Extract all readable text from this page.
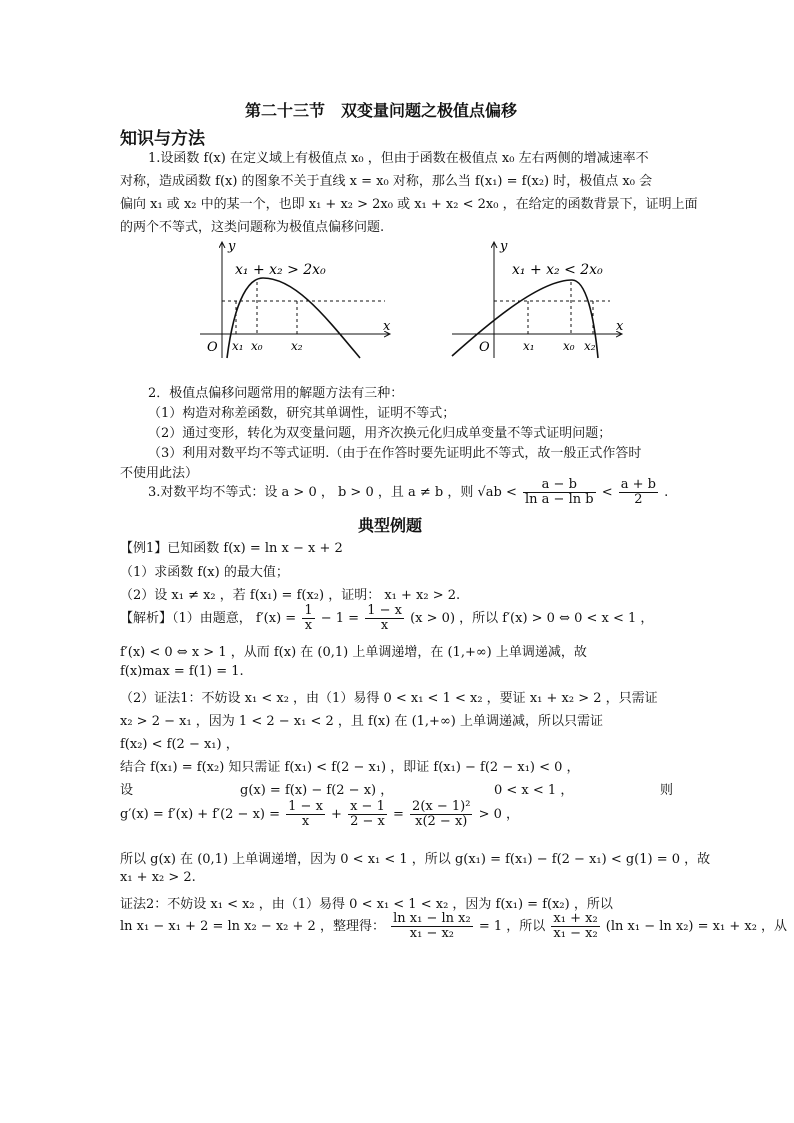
第二十三节　双变量问题之极值点偏移
知识与方法
1.设函数 f(x) 在定义域上有极值点 x₀ ，但由于函数在极值点 x₀ 左右两侧的增减速率不
对称，造成函数 f(x) 的图象不关于直线 x = x₀ 对称，那么当 f(x₁) = f(x₂) 时，极值点 x₀ 会
偏向 x₁ 或 x₂ 中的某一个，也即 x₁ + x₂ > 2x₀ 或 x₁ + x₂ < 2x₀ ，在给定的函数背景下，证明上面
的两个不等式，这类问题称为极值点偏移问题.
y
x
O
x₁ + x₂ > 2x₀
x₁ x₀ x₂
y
x
O
x₁ + x₂ < 2x₀
x₁ x₀ x₂
2．极值点偏移问题常用的解题方法有三种：
（1）构造对称差函数，研究其单调性，证明不等式；
（2）通过变形，转化为双变量问题，用齐次换元化归成单变量不等式证明问题；
（3）利用对数平均不等式证明.（由于在作答时要先证明此不等式，故一般正式作答时
不使用此法）
3.对数平均不等式：设 a > 0 ， b > 0 ，且 a ≠ b ，则 $√ab < \frac{a - b}{\text{ln a − ln b}} < \frac{a + b}{2}$ .
典型例题
【例1】已知函数 f(x) = ln x − x + 2
（1）求函数 f(x) 的最大值；
（2）设 x₁ ≠ x₂ ，若 f(x₁) = f(x₂) ，证明： x₁ + x₂ > 2.
【解析】（1）由题意， $f'(x) = \frac{1}{x} - 1 = \frac{1 - x}{x} (x > 0)$ ，所以 f′(x) > 0 ⇔ 0 < x < 1 ，
f′(x) < 0 ⇔ x > 1 ，从而 f(x) 在 (0,1) 上单调递增，在 (1,+∞) 上单调递减，故
f(x)max = f(1) = 1.
（2）证法1：不妨设 x₁ < x₂ ，由（1）易得 0 < x₁ < 1 < x₂ ，要证 x₁ + x₂ > 2 ，只需证
x₂ > 2 − x₁ ，因为 1 < 2 − x₁ < 2 ，且 f(x) 在 (1,+∞) 上单调递减，所以只需证
f(x₂) < f(2 − x₁) ，
结合 f(x₁) = f(x₂) 知只需证 f(x₁) < f(2 − x₁) ，即证 f(x₁) − f(2 − x₁) < 0 ，
设	g(x) = f(x) − f(2 − x) ，	0 < x < 1 ，	则
$g'(x) = f'(x) + f'(2 - x) = \frac{1 - x}{x} + \frac{x - 1}{2 - x} = \frac{\text{2(x − 1)²}}{x(2 - x)} > 0$ ，
所以 g(x) 在 (0,1) 上单调递增，因为 0 < x₁ < 1 ，所以 g(x₁) = f(x₁) − f(2 − x₁) < g(1) = 0 ，故
x₁ + x₂ > 2.
证法2：不妨设 x₁ < x₂ ，由（1）易得 0 < x₁ < 1 < x₂ ，因为 f(x₁) = f(x₂) ，所以
ln x₁ − x₁ + 2 = ln x₂ − x₂ + 2 ，整理得： $\frac{\text{ln x₁ − ln x₂}}{\text{x₁ − x₂}} = 1$ ，所以 $\frac{\text{x₁ + x₂}}{\text{x₁ − x₂}} (\ln$ x₁ − ln x₂) = x₁ + x₂ ，从
